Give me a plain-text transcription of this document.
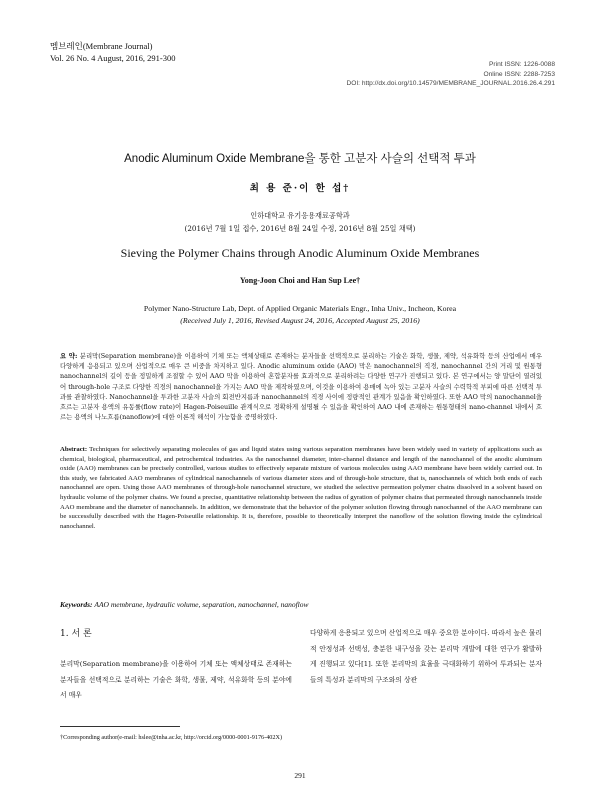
멤브레인(Membrane Journal)
Vol. 26 No. 4 August, 2016, 291-300
Print ISSN: 1226-0088
Online ISSN: 2288-7253
DOI: http://dx.doi.org/10.14579/MEMBRANE_JOURNAL.2016.26.4.291
Anodic Aluminum Oxide Membrane을 통한 고분자 사슬의 선택적 투과
최 용 준·이 한 섭†
인하대학교 유기응용재료공학과
(2016년 7월 1일 접수, 2016년 8월 24일 수정, 2016년 8월 25일 채택)
Sieving the Polymer Chains through Anodic Aluminum Oxide Membranes
Yong-Joon Choi and Han Sup Lee†
Polymer Nano-Structure Lab, Dept. of Applied Organic Materials Engr., Inha Univ., Incheon, Korea
(Received July 1, 2016, Revised August 24, 2016, Accepted August 25, 2016)

요 약: 분리막(Separation membrane)을 이용하여 기체 또는 액체상태로 존재하는 분자들을 선택적으로 분리하는 기술은 화학, 생물, 제약, 석유화학 등의 산업에서 매우 다양하게 응용되고 있으며 산업적으로 매우 큰 비중을 차지하고 있다. Anodic aluminum oxide (AAO) 막은 nanochannel의 직경, nanochannel 간의 거리 및 원통형 nanochannel의 길이 등을 정밀하게 조절할 수 있어 AAO 막을 이용하여 혼합분자를 효과적으로 분리하려는 다양한 연구가 진행되고 있다. 본 연구에서는 양 말단이 열려있어 through-hole 구조로 다양한 직경의 nanochannel을 가지는 AAO 막을 제작하였으며, 이것을 이용하여 용매에 녹아 있는 고분자 사슬의 수력학적 부피에 따른 선택적 투과를 관찰하였다. Nanochannel을 투과한 고분자 사슬의 회전반지름과 nanochannel의 직경 사이에 정량적인 관계가 있음을 확인하였다. 또한 AAO 막의 nanochannel을 흐르는 고분자 용액의 유동률(flow rate)이 Hagen-Poiseuille 관계식으로 정확하게 설명될 수 있음을 확인하여 AAO 내에 존재하는 원통형태의 nano-channel 내에서 흐르는 용액의 나노흐름(nanoflow)에 대한 이론적 해석이 가능함을 증명하였다.

Abstract: Techniques for selectively separating molecules of gas and liquid states using various separation membranes have been widely used in variety of applications such as chemical, biological, pharmaceutical, and petrochemical industries. As the nanochannel diameter, inter-channel distance and length of the nanochannel of the anodic aluminum oxide (AAO) membranes can be precisely controlled, various studies to effectively separate mixture of various molecules using AAO membrane have been widely carried out. In this study, we fabricated AAO membranes of cylindrical nanochannels of various diameter sizes and of through-hole structure, that is, nanochannels of which both ends of each nanochannel are open. Using those AAO membranes of through-hole nanochannel structure, we studied the selective permeation polymer chains dissolved in a solvent based on hydraulic volume of the polymer chains. We found a precise, quantitative relationship between the radius of gyration of polymer chains that permeated through nanochannels inside AAO membrane and the diameter of nanochannels. In addition, we demonstrate that the behavior of the polymer solution flowing through nanochannel of the AAO membrane can be successfully described with the Hagen-Poiseuille relationship. It is, therefore, possible to theoretically interpret the nanoflow of the solution flowing inside the cylindrical nanochannel.

Keywords: AAO membrane, hydraulic volume, separation, nanochannel, nanoflow
1. 서 론
분리막(Separation membrane)을 이용하여 기체 또는 액체상태로 존재하는 분자들을 선택적으로 분리하는 기술은 화학, 생물, 제약, 석유화학 등의 분야에서 매우
다양하게 응용되고 있으며 산업적으로 매우 중요한 분야이다. 따라서 높은 물리적 안정성과 선택성, 충분한 내구성을 갖는 분리막 개발에 대한 연구가 활발하게 진행되고 있다[1]. 또한 분리막의 효율을 극대화하기 위하여 투과되는 분자들의 특성과 분리막의 구조와의 상관
†Corresponding author(e-mail: hslee@inha.ac.kr, http://orcid.org/0000-0001-9176-402X)
291
